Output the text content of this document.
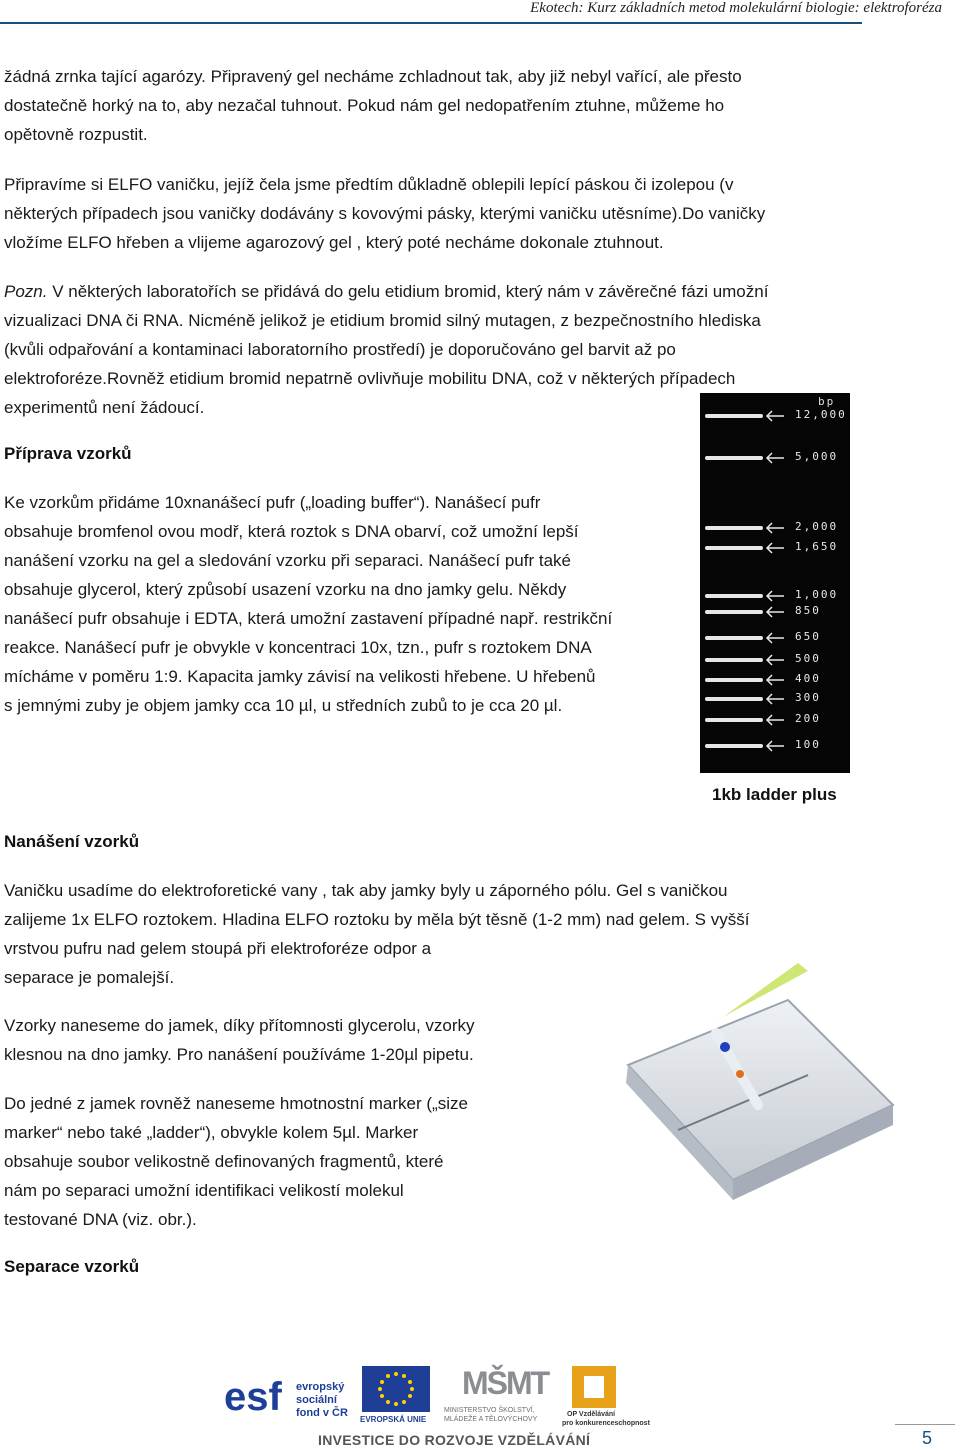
Ekotech: Kurz základních metod molekulární biologie: elektroforéza

žádná zrnka tající agarózy. Připravený gel necháme zchladnout tak, aby již nebyl vařící, ale přesto

dostatečně horký na to, aby nezačal tuhnout. Pokud nám gel nedopatřením ztuhne, můžeme ho

opětovně rozpustit.

Připravíme si ELFO vaničku, jejíž čela jsme předtím důkladně oblepili lepící páskou či izolepou (v

některých případech jsou vaničky dodávány s kovovými pásky, kterými vaničku utěsníme).Do vaničky

vložíme ELFO hřeben a vlijeme agarozový gel , který poté necháme dokonale ztuhnout.

Pozn. V některých laboratořích se přidává do gelu etidium bromid, který nám v závěrečné fázi umožní

vizualizaci DNA či RNA. Nicméně jelikož je etidium bromid silný mutagen, z bezpečnostního hlediska

(kvůli odpařování a kontaminaci laboratorního prostředí) je doporučováno gel barvit až po

elektroforéze.Rovněž etidium bromid nepatrně ovlivňuje mobilitu DNA, což v některých případech

experimentů není žádoucí.

Příprava vzorků

Ke vzorkům přidáme 10xnanášecí pufr („loading buffer“). Nanášecí pufr

obsahuje bromfenol ovou modř, která roztok s DNA obarví, což umožní lepší

nanášení vzorku na gel a sledování vzorku při separaci. Nanášecí pufr také

obsahuje glycerol, který způsobí usazení vzorku na dno jamky gelu. Někdy

nanášecí pufr obsahuje i EDTA, která umožní zastavení případné např. restrikční

reakce. Nanášecí pufr je obvykle v koncentraci 10x, tzn., pufr s roztokem DNA

mícháme v poměru 1:9. Kapacita jamky závisí na velikosti hřebene. U hřebenů

s jemnými zuby je objem jamky cca 10 µl, u středních zubů to je cca 20 µl.

bp
12,000
5,000
2,000
1,650
1,000
850
650
500
400
300
200
100
1kb ladder plus
Nanášení vzorků

Vaničku usadíme do elektroforetické vany , tak aby jamky byly u záporného pólu. Gel s vaničkou

zalijeme 1x ELFO roztokem. Hladina ELFO roztoku by měla být těsně (1-2 mm) nad gelem. S vyšší

vrstvou pufru nad gelem stoupá při elektroforéze odpor a

separace je pomalejší.

Vzorky naneseme do jamek, díky přítomnosti glycerolu, vzorky

klesnou na dno jamky. Pro nanášení používáme 1-20µl pipetu.

Do jedné z jamek rovněž naneseme hmotnostní marker („size

marker“ nebo také „ladder“), obvykle kolem 5µl. Marker

obsahuje soubor velikostně definovaných fragmentů, které

nám po separaci umožní identifikaci velikostí molekul

testované DNA (viz. obr.).

Separace vzorků
esf evropský
sociální
fond v ČR
EVROPSKÁ UNIE
MŠMT
MINISTERSTVO ŠKOLSTVÍ,
MLÁDEŽE A TĚLOVÝCHOVY
OP Vzdělávání
pro konkurenceschopnost
INVESTICE DO ROZVOJE VZDĚLÁVÁNÍ	5
